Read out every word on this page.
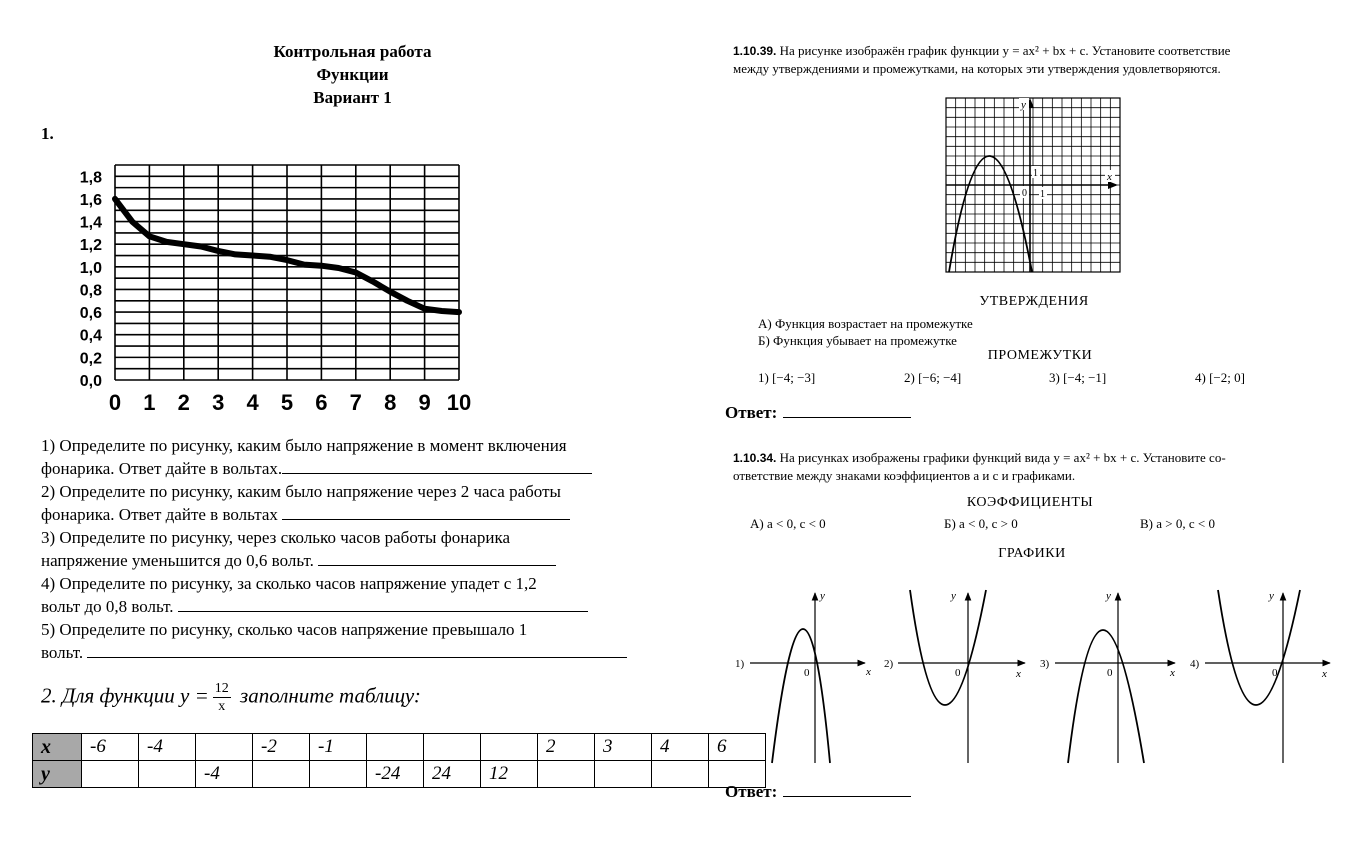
Контрольная работа
Функции
Вариант 1
1.
0,0
0,2
0,4
0,6
0,8
1,0
1,2
1,4
1,6
1,8
0 1 2 3 4 5 6 7 8 9 10
1) Определите по рисунку, каким было напряжение в момент включения
фонарика. Ответ дайте в вольтах.
2) Определите по рисунку, каким было напряжение через 2 часа работы
фонарика. Ответ дайте в вольтах
3) Определите по рисунку, через сколько часов работы фонарика
напряжение уменьшится до 0,6 вольт.
4) Определите по рисунку, за сколько часов напряжение упадет с 1,2
вольт до 0,8 вольт.
5) Определите по рисунку, сколько часов напряжение превышало 1
вольт.
2. Для функции $y = \frac{12}{x}$ заполните таблицу:
x	-6	-4		-2	-1				2	3	4	6
y			-4			-24	24	12				
1.10.39. На рисунке изображён график функции y = ax² + bx + c. Установите соответствие
между утверждениями и промежутками, на которых эти утверждения удовлетворяются.
x
y
0
1
1
УТВЕРЖДЕНИЯ
А) Функция возрастает на промежутке
Б) Функция убывает на промежутке
ПРОМЕЖУТКИ
1) [−4; −3]	2) [−6; −4]	3) [−4; −1]	4) [−2; 0]
Ответ:
1.10.34. На рисунках изображены графики функций вида y = ax² + bx + c. Установите со-
ответствие между знаками коэффициентов a и c и графиками.
КОЭФФИЦИЕНТЫ
А) a < 0, c < 0	Б) a < 0, c > 0	В) a > 0, c < 0
ГРАФИКИ
1)
y
x
0
2)
y
x
0
3)
y
x
0
4)
y
x
0
Ответ:
